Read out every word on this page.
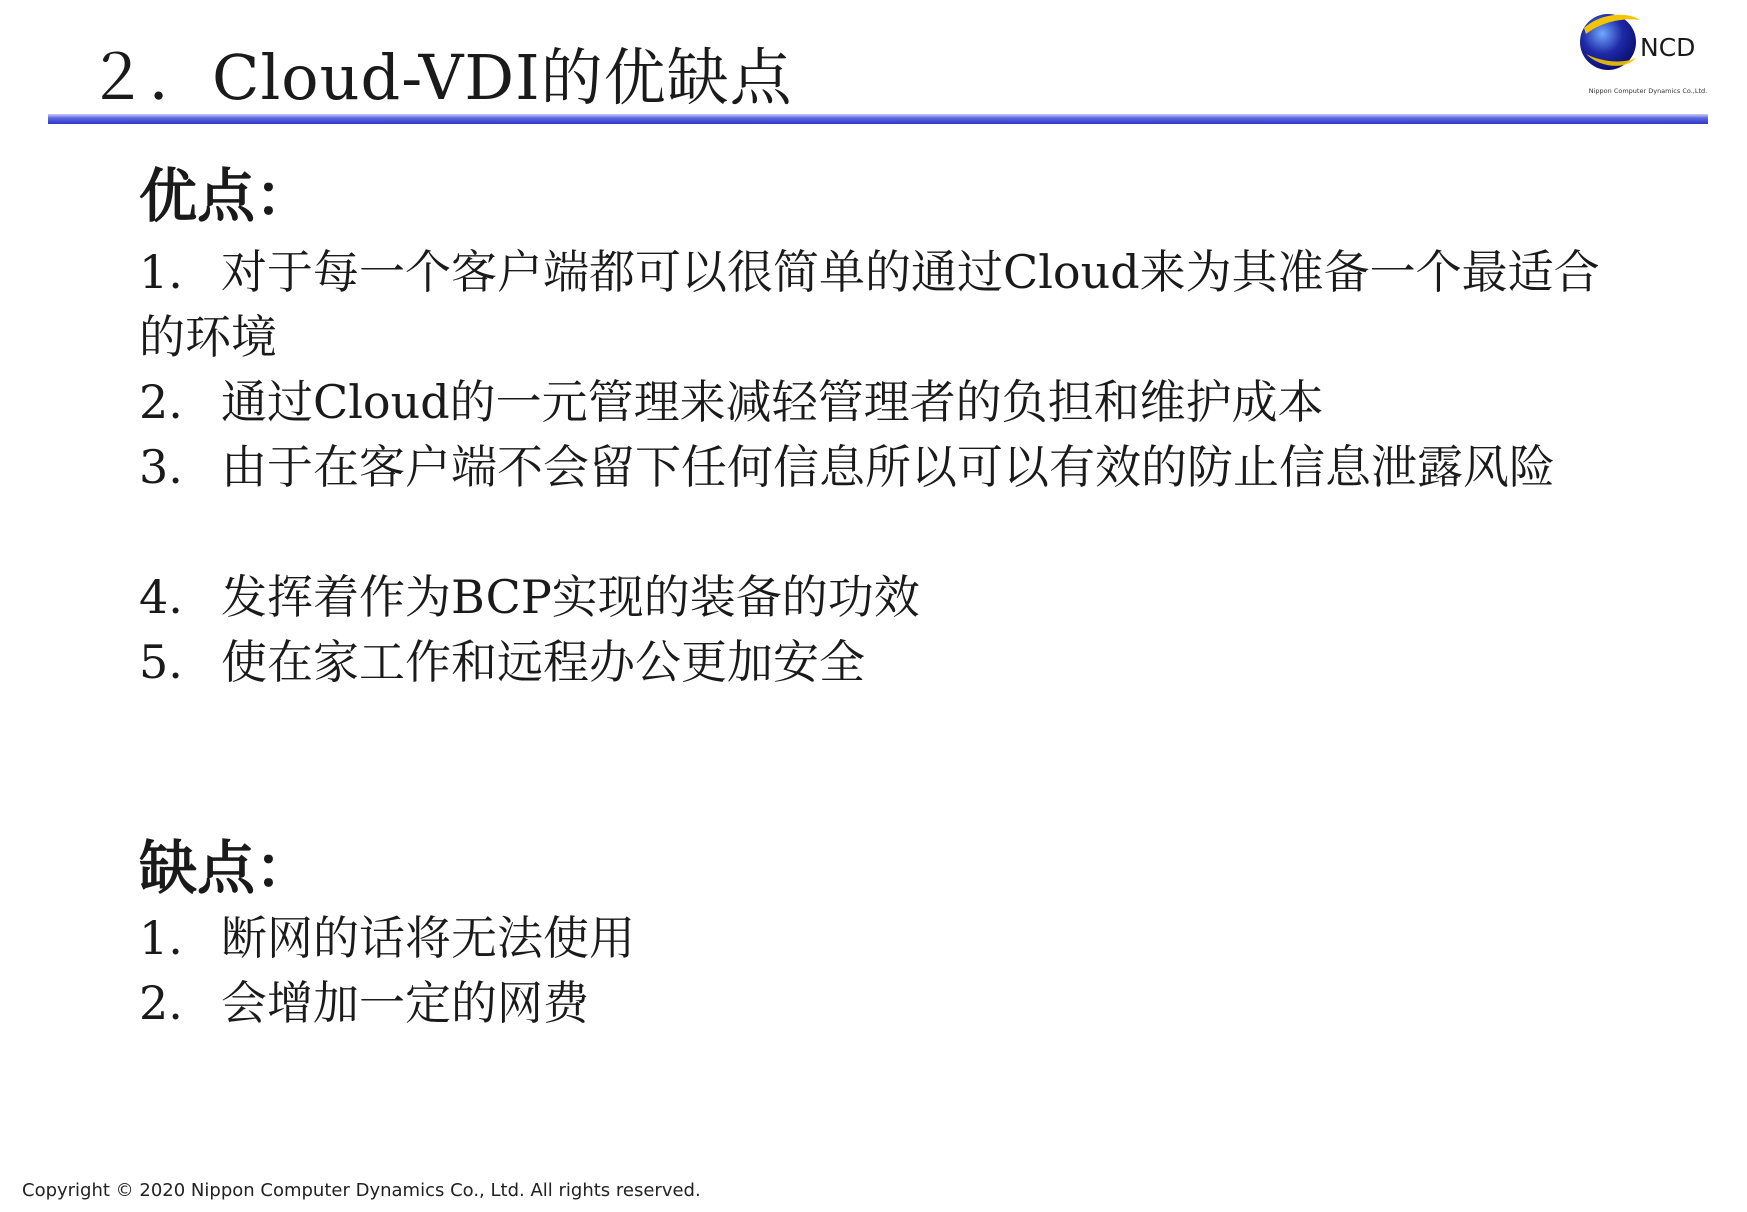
２．Cloud-VDI的优缺点	NCD
Nippon Computer Dynamics Co.,Ltd.
优点：

1. 对于每一个客户端都可以很简单的通过Cloud来为其准备一个最适合的环境

2. 通过Cloud的一元管理来减轻管理者的负担和维护成本

3. 由于在客户端不会留下任何信息所以可以有效的防止信息泄露风险

4. 发挥着作为BCP实现的装备的功效

5. 使在家工作和远程办公更加安全

缺点：

1. 断网的话将无法使用

2. 会增加一定的网费

Copyright © 2020 Nippon Computer Dynamics Co., Ltd. All rights reserved.
